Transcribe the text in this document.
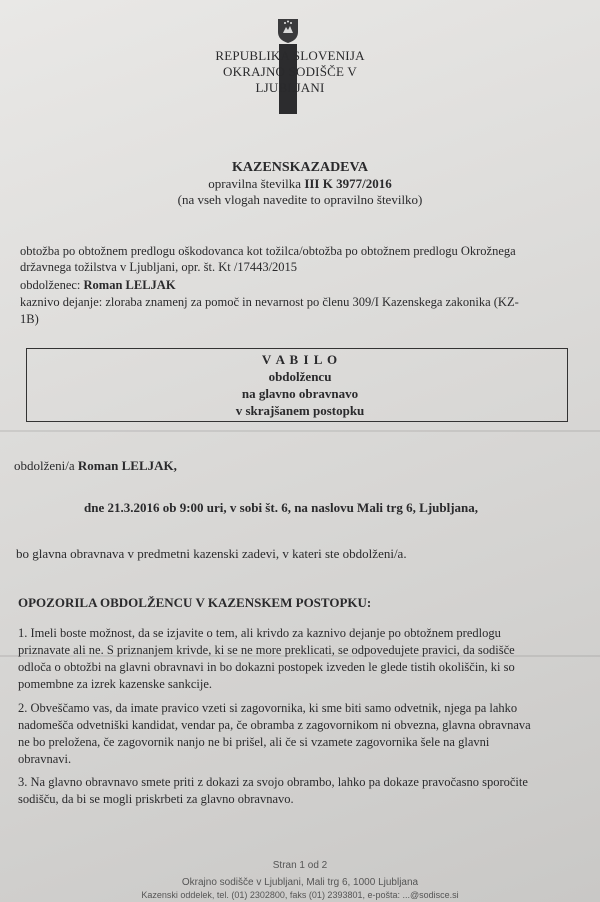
REPUBLIKA SLOVENIJA
OKRAJNO SODIŠČE V LJUBLJANI
KAZENSKAZADEVA
opravilna številka III K 3977/2016
(na vseh vlogah navedite to opravilno številko)
obtožba po obtožnem predlogu oškodovanca kot tožilca/obtožba po obtožnem predlogu Okrožnega
državnega tožilstva v Ljubljani, opr. št. Kt /17443/2015
obdolženec: Roman LELJAK
kaznivo dejanje: zloraba znamenj za pomoč in nevarnost po členu 309/I Kazenskega zakonika (KZ-
1B)
V A B I L O
obdolžencu
na glavno obravnavo
v skrajšanem postopku
obdolženi/a Roman LELJAK,
dne 21.3.2016 ob 9:00 uri, v sobi št. 6, na naslovu Mali trg 6, Ljubljana,
bo glavna obravnava v predmetni kazenski zadevi, v kateri ste obdolženi/a.
OPOZORILA OBDOLŽENCU V KAZENSKEM POSTOPKU:
1. Imeli boste možnost, da se izjavite o tem, ali krivdo za kaznivo dejanje po obtožnem predlogu
priznavate ali ne. S priznanjem krivde, ki se ne more preklicati, se odpovedujete pravici, da sodišče
odloča o obtožbi na glavni obravnavi in bo dokazni postopek izveden le glede tistih okoliščin, ki so
pomembne za izrek kazenske sankcije.
2. Obveščamo vas, da imate pravico vzeti si zagovornika, ki sme biti samo odvetnik, njega pa lahko
nadomešča odvetniški kandidat, vendar pa, če obramba z zagovornikom ni obvezna, glavna obravnava
ne bo preložena, če zagovornik nanjo ne bi prišel, ali če si vzamete zagovornika šele na glavni
obravnavi.
3. Na glavno obravnavo smete priti z dokazi za svojo obrambo, lahko pa dokaze pravočasno sporočite
sodišču, da bi se mogli priskrbeti za glavno obravnavo.
Stran 1 od 2
Okrajno sodišče v Ljubljani, Mali trg 6, 1000 Ljubljana
Kazenski oddelek, tel. (01) 2302800, faks (01) 2393801, e-pošta: ...@sodisce.si
